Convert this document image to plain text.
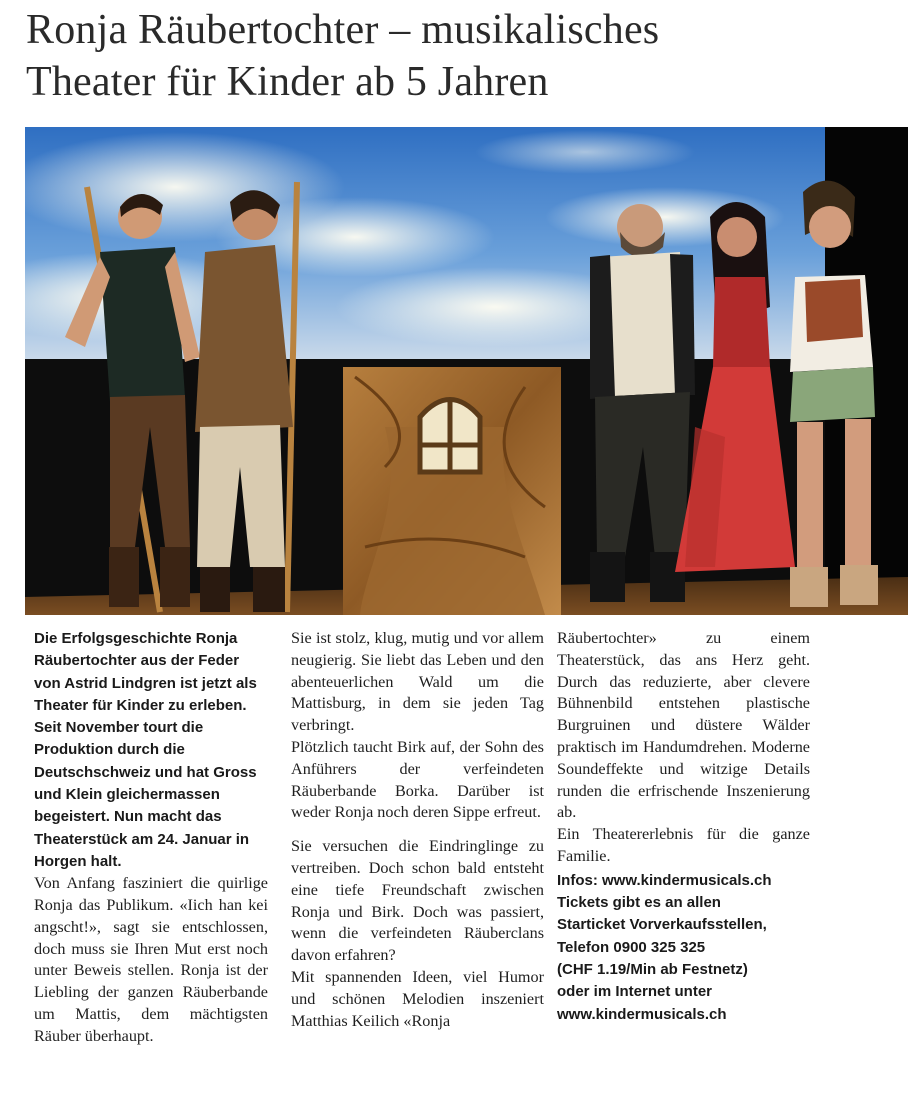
Ronja Räubertochter – musikalisches
Theater für Kinder ab 5 Jahren

Die Erfolgsgeschichte Ronja Räubertochter aus der Feder von Astrid Lindgren ist jetzt als Theater für Kinder zu erleben. Seit November tourt die Produktion durch die Deutschschweiz und hat Gross und Klein gleichermassen begeistert. Nun macht das Theaterstück am 24. Januar in Horgen halt.

Von Anfang fasziniert die quirlige Ronja das Publikum. «Iich han kei angscht!», sagt sie entschlossen, doch muss sie Ihren Mut erst noch unter Beweis stellen. Ronja ist der Liebling der ganzen Räuberbande um Mattis, dem mächtigsten Räuber überhaupt.

Sie ist stolz, klug, mutig und vor allem neugierig. Sie liebt das Leben und den abenteuerlichen Wald um die Mattisburg, in dem sie jeden Tag verbringt.

Plötzlich taucht Birk auf, der Sohn des Anführers der verfeindeten Räuberbande Borka. Darüber ist weder Ronja noch deren Sippe erfreut.

Sie versuchen die Eindringlinge zu vertreiben. Doch schon bald entsteht eine tiefe Freundschaft zwischen Ronja und Birk. Doch was passiert, wenn die verfeindeten Räuberclans davon erfahren?

Mit spannenden Ideen, viel Humor und schönen Melodien inszeniert Matthias Keilich «Ronja

Räubertochter» zu einem Theaterstück, das ans Herz geht. Durch das reduzierte, aber clevere Bühnenbild entstehen plastische Burgruinen und düstere Wälder praktisch im Handumdrehen. Moderne Soundeffekte und witzige Details runden die erfrischende Inszenierung ab.

Ein Theatererlebnis für die ganze Familie.

Infos: www.kindermusicals.ch
Tickets gibt es an allen
Starticket Vorverkaufsstellen,
Telefon 0900 325 325
(CHF 1.19/Min ab Festnetz)
oder im Internet unter
www.kindermusicals.ch
